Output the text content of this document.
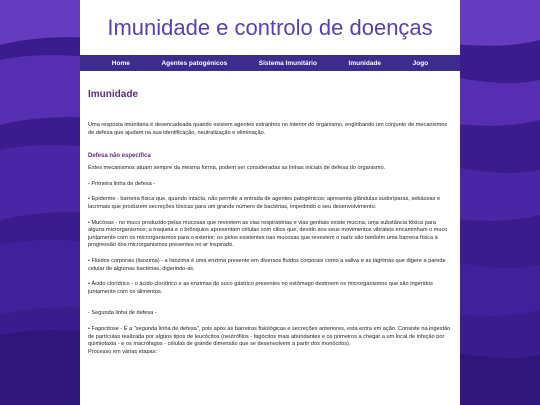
Imunidade e controlo de doenças
Home	Agentes patogénicos	Sistema Imunitário	Imunidade	Jogo
Imunidade

Uma resposta imunitária é desencadeada quando existem agentes estranhos no interior do organismo, englobando um conjunto de mecanismos de defesa que ajudam na sua identificação, neutralização e eliminação.

Defesa não específica

Estes mecanismos atuam sempre da mesma forma, podem ser consideradas as linhas iniciais de defesa do organismo.

- Primeira linha de defesa -

• Epiderme - barreira física que, quando intacta, não permite a entrada de agentes patogénicos; apresenta glândulas sudoríparas, sebáceas e lacrimais que produzem secreções tóxicas para um grande número de bactérias, impedindo o seu desenvolvimento.

• Mucosas - no muco produzido pelas mucosas que revestem as vias respiratórias e vias genitais existe mucina, uma substância tóxica para alguns microrganismos; a traqueia e o brônquios apresentam células com cílios que, devido aos seus movimentos vibráteis encaminham o muco juntamente com os microrganismos para o exterior; os pelos existentes nas mucosas que revestem o nariz são também uma barreira física à progressão dos microrganismos presentes no ar inspirado.

• Fluidos corporais (lisozima) - a lisozima é uma enzima presente em diversos fluidos corporais como a saliva e as lágrimas que digere a parede celular de algumas bactérias, digerindo-as.

• Ácido clorídrico - o ácido clorídrico e as enzimas do suco gástrico presentes no estômago destroem os microrganismos que são ingeridos juntamente com os alimentos.

- Segunda linha de defesa -

• Fagocitose - É a "segunda linha de defesa", pois após as barreiras fisiológicas e secreções anteriores, esta entra em ação. Consiste na ingestão de partículas realizada por alguns tipos de leucócitos (neutrófilos - fagócitos mais abundantes e os primeiros a chegar a um local de infeção por quimiotaxia - e os macrófagos - células de grande dimensão que se desenvolvem a partir dos monócitos).

Processo em várias etapas:
